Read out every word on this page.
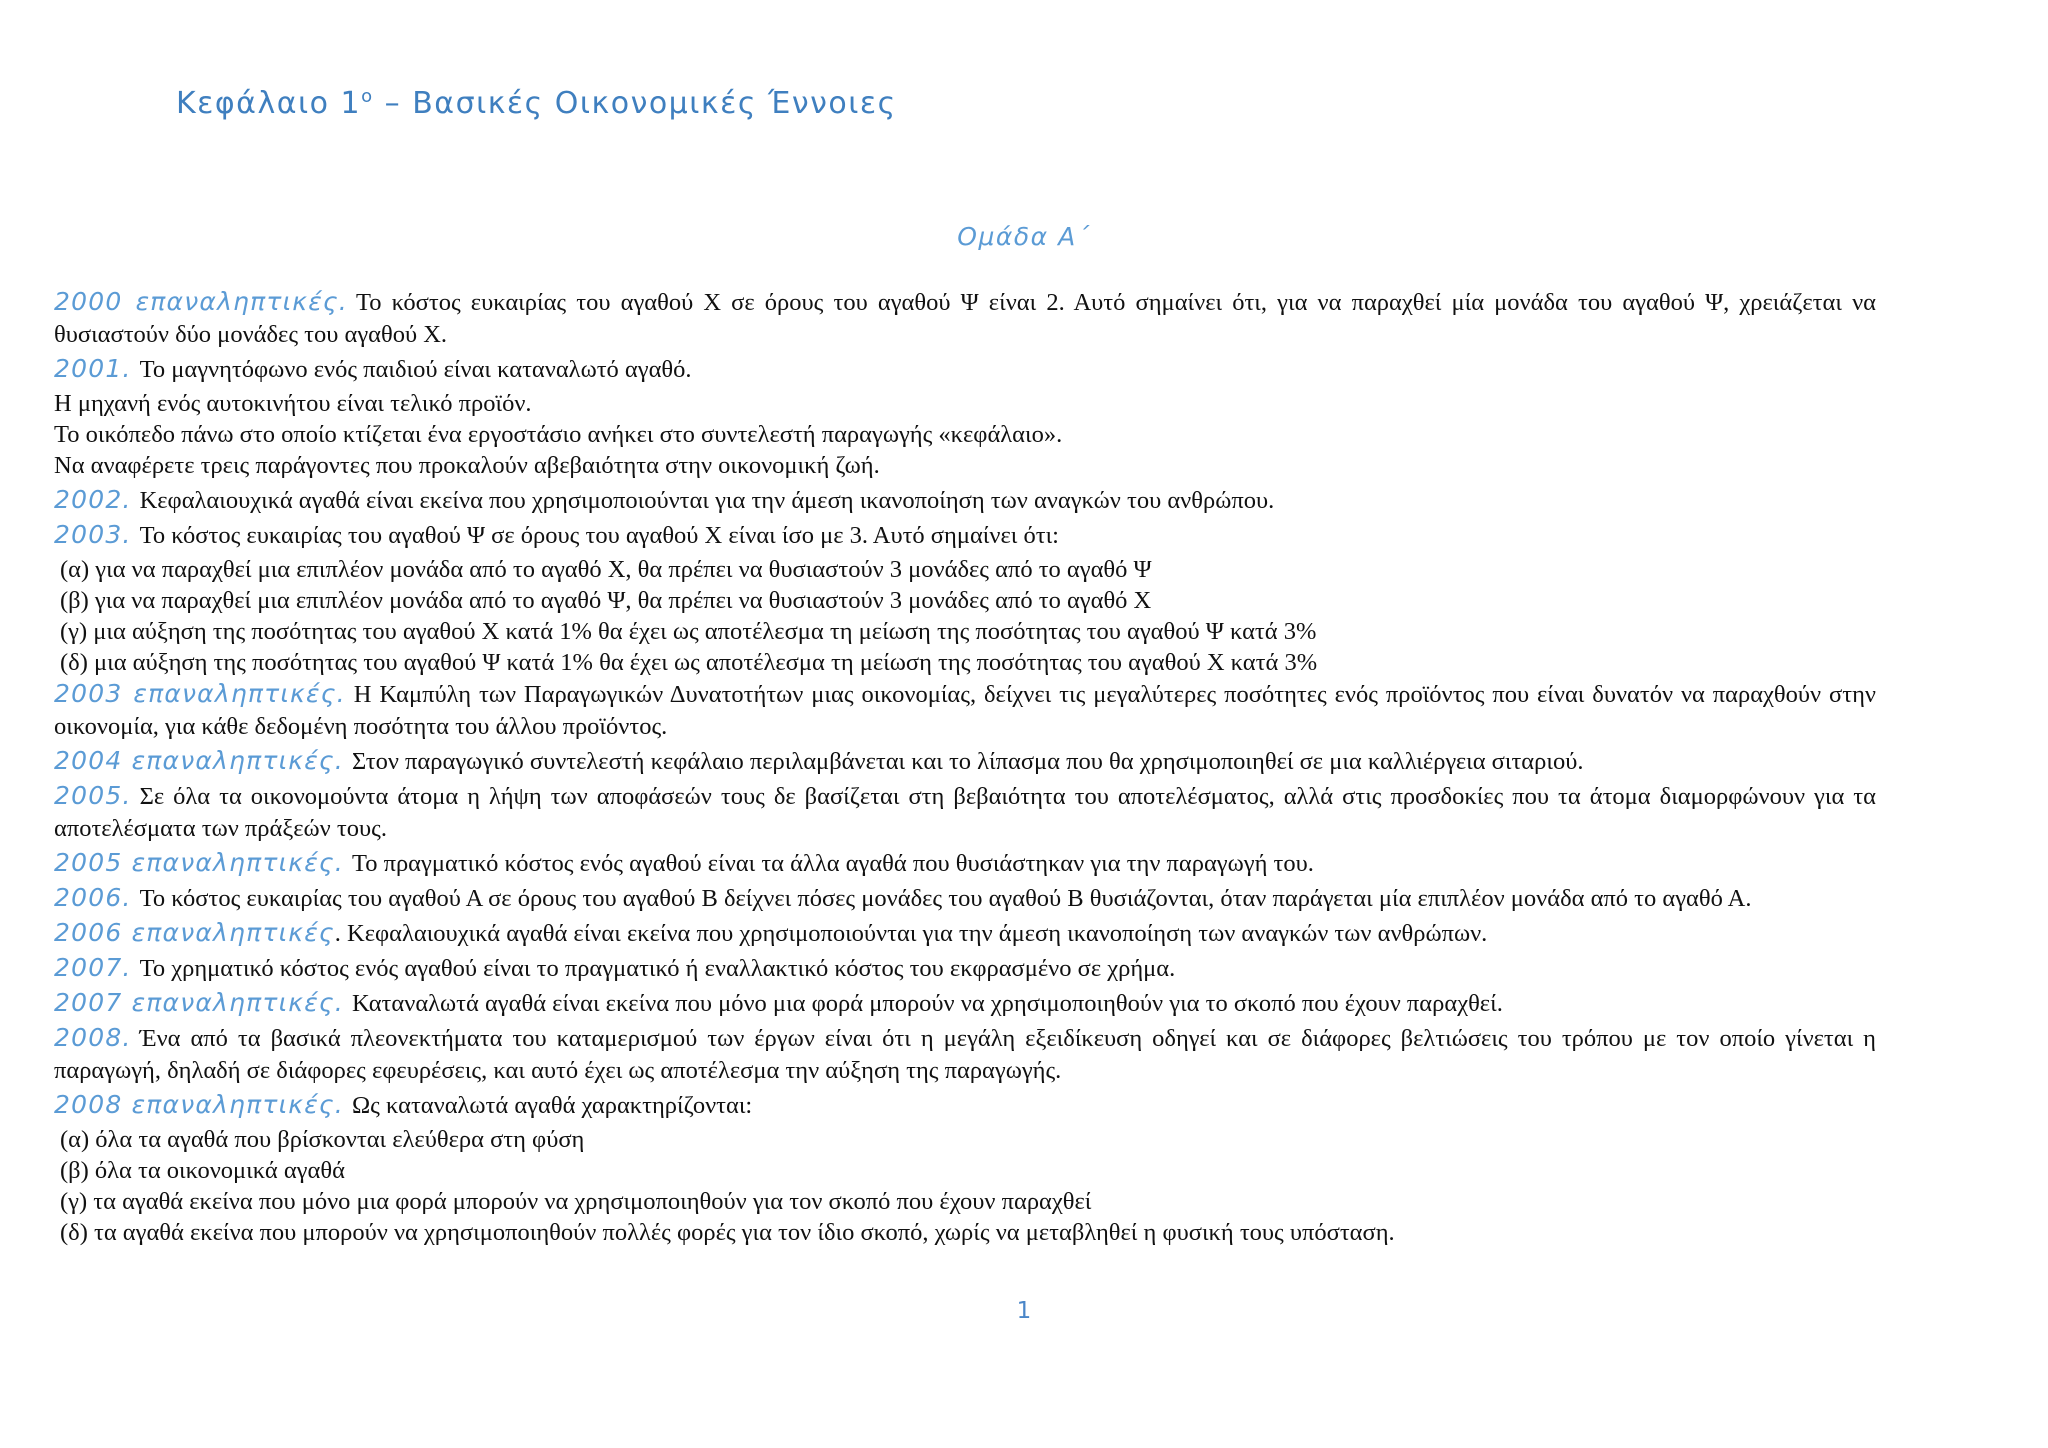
Κεφάλαιο $1^o$ – Βασικές Οικονομικές Έννοιες
Ομάδα Α΄

2000 επαναληπτικές. Το κόστος ευκαιρίας του αγαθού Χ σε όρους του αγαθού Ψ είναι 2. Αυτό σημαίνει ότι, για να παραχθεί μία μονάδα του αγαθού Ψ, χρειάζεται να θυσιαστούν δύο μονάδες του αγαθού Χ.

2001. Το μαγνητόφωνο ενός παιδιού είναι καταναλωτό αγαθό.

Η μηχανή ενός αυτοκινήτου είναι τελικό προϊόν.

Το οικόπεδο πάνω στο οποίο κτίζεται ένα εργοστάσιο ανήκει στο συντελεστή παραγωγής «κεφάλαιο».

Να αναφέρετε τρεις παράγοντες που προκαλούν αβεβαιότητα στην οικονομική ζωή.

2002. Κεφαλαιουχικά αγαθά είναι εκείνα που χρησιμοποιούνται για την άμεση ικανοποίηση των αναγκών του ανθρώπου.

2003. Το κόστος ευκαιρίας του αγαθού Ψ σε όρους του αγαθού Χ είναι ίσο με 3. Αυτό σημαίνει ότι:

(α) για να παραχθεί μια επιπλέον μονάδα από το αγαθό Χ, θα πρέπει να θυσιαστούν 3 μονάδες από το αγαθό Ψ

(β) για να παραχθεί μια επιπλέον μονάδα από το αγαθό Ψ, θα πρέπει να θυσιαστούν 3 μονάδες από το αγαθό Χ

(γ) μια αύξηση της ποσότητας του αγαθού Χ κατά 1% θα έχει ως αποτέλεσμα τη μείωση της ποσότητας του αγαθού Ψ κατά 3%

(δ) μια αύξηση της ποσότητας του αγαθού Ψ κατά 1% θα έχει ως αποτέλεσμα τη μείωση της ποσότητας του αγαθού Χ κατά 3%

2003 επαναληπτικές. Η Καμπύλη των Παραγωγικών Δυνατοτήτων μιας οικονομίας, δείχνει τις μεγαλύτερες ποσότητες ενός προϊόντος που είναι δυνατόν να παραχθούν στην οικονομία, για κάθε δεδομένη ποσότητα του άλλου προϊόντος.

2004 επαναληπτικές. Στον παραγωγικό συντελεστή κεφάλαιο περιλαμβάνεται και το λίπασμα που θα χρησιμοποιηθεί σε μια καλλιέργεια σιταριού.

2005. Σε όλα τα οικονομούντα άτομα η λήψη των αποφάσεών τους δε βασίζεται στη βεβαιότητα του αποτελέσματος, αλλά στις προσδοκίες που τα άτομα διαμορφώνουν για τα αποτελέσματα των πράξεών τους.

2005 επαναληπτικές. Το πραγματικό κόστος ενός αγαθού είναι τα άλλα αγαθά που θυσιάστηκαν για την παραγωγή του.

2006. Το κόστος ευκαιρίας του αγαθού Α σε όρους του αγαθού Β δείχνει πόσες μονάδες του αγαθού Β θυσιάζονται, όταν παράγεται μία επιπλέον μονάδα από το αγαθό Α.

2006 επαναληπτικές. Κεφαλαιουχικά αγαθά είναι εκείνα που χρησιμοποιούνται για την άμεση ικανοποίηση των αναγκών των ανθρώπων.

2007. Το χρηματικό κόστος ενός αγαθού είναι το πραγματικό ή εναλλακτικό κόστος του εκφρασμένο σε χρήμα.

2007 επαναληπτικές. Καταναλωτά αγαθά είναι εκείνα που μόνο μια φορά μπορούν να χρησιμοποιηθούν για το σκοπό που έχουν παραχθεί.

2008. Ένα από τα βασικά πλεονεκτήματα του καταμερισμού των έργων είναι ότι η μεγάλη εξειδίκευση οδηγεί και σε διάφορες βελτιώσεις του τρόπου με τον οποίο γίνεται η παραγωγή, δηλαδή σε διάφορες εφευρέσεις, και αυτό έχει ως αποτέλεσμα την αύξηση της παραγωγής.

2008 επαναληπτικές. Ως καταναλωτά αγαθά χαρακτηρίζονται:

(α) όλα τα αγαθά που βρίσκονται ελεύθερα στη φύση

(β) όλα τα οικονομικά αγαθά

(γ) τα αγαθά εκείνα που μόνο μια φορά μπορούν να χρησιμοποιηθούν για τον σκοπό που έχουν παραχθεί

(δ) τα αγαθά εκείνα που μπορούν να χρησιμοποιηθούν πολλές φορές για τον ίδιο σκοπό, χωρίς να μεταβληθεί η φυσική τους υπόσταση.

1
